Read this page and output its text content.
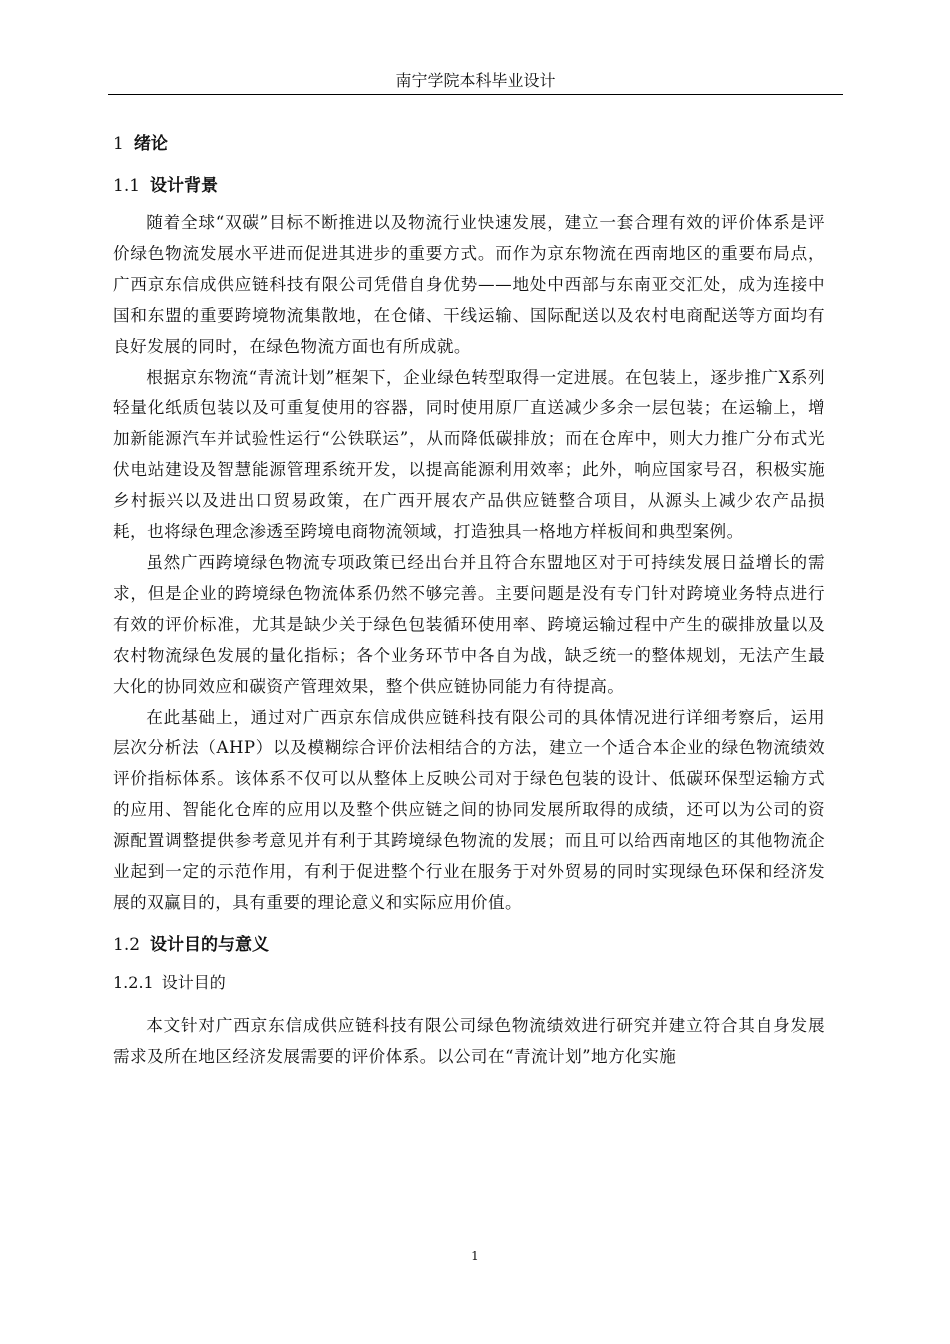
南宁学院本科毕业设计
1 绪论
1.1 设计背景

随着全球“双碳”目标不断推进以及物流行业快速发展，建立一套合理有效的评价体系是评价绿色物流发展水平进而促进其进步的重要方式。而作为京东物流在西南地区的重要布局点，广西京东信成供应链科技有限公司凭借自身优势——地处中西部与东南亚交汇处，成为连接中国和东盟的重要跨境物流集散地，在仓储、干线运输、国际配送以及农村电商配送等方面均有良好发展的同时，在绿色物流方面也有所成就。

根据京东物流“青流计划”框架下，企业绿色转型取得一定进展。在包装上，逐步推广X系列轻量化纸质包装以及可重复使用的容器，同时使用原厂直送减少多余一层包装；在运输上，增加新能源汽车并试验性运行“公铁联运”，从而降低碳排放；而在仓库中，则大力推广分布式光伏电站建设及智慧能源管理系统开发，以提高能源利用效率；此外，响应国家号召，积极实施乡村振兴以及进出口贸易政策，在广西开展农产品供应链整合项目，从源头上减少农产品损耗，也将绿色理念渗透至跨境电商物流领域，打造独具一格地方样板间和典型案例。

虽然广西跨境绿色物流专项政策已经出台并且符合东盟地区对于可持续发展日益增长的需求，但是企业的跨境绿色物流体系仍然不够完善。主要问题是没有专门针对跨境业务特点进行有效的评价标准，尤其是缺少关于绿色包装循环使用率、跨境运输过程中产生的碳排放量以及农村物流绿色发展的量化指标；各个业务环节中各自为战，缺乏统一的整体规划，无法产生最大化的协同效应和碳资产管理效果，整个供应链协同能力有待提高。

在此基础上，通过对广西京东信成供应链科技有限公司的具体情况进行详细考察后，运用层次分析法（AHP）以及模糊综合评价法相结合的方法，建立一个适合本企业的绿色物流绩效评价指标体系。该体系不仅可以从整体上反映公司对于绿色包装的设计、低碳环保型运输方式的应用、智能化仓库的应用以及整个供应链之间的协同发展所取得的成绩，还可以为公司的资源配置调整提供参考意见并有利于其跨境绿色物流的发展；而且可以给西南地区的其他物流企业起到一定的示范作用，有利于促进整个行业在服务于对外贸易的同时实现绿色环保和经济发展的双赢目的，具有重要的理论意义和实际应用价值。

1.2 设计目的与意义
1.2.1 设计目的

本文针对广西京东信成供应链科技有限公司绿色物流绩效进行研究并建立符合其自身发展需求及所在地区经济发展需要的评价体系。以公司在“青流计划”地方化实施

1
